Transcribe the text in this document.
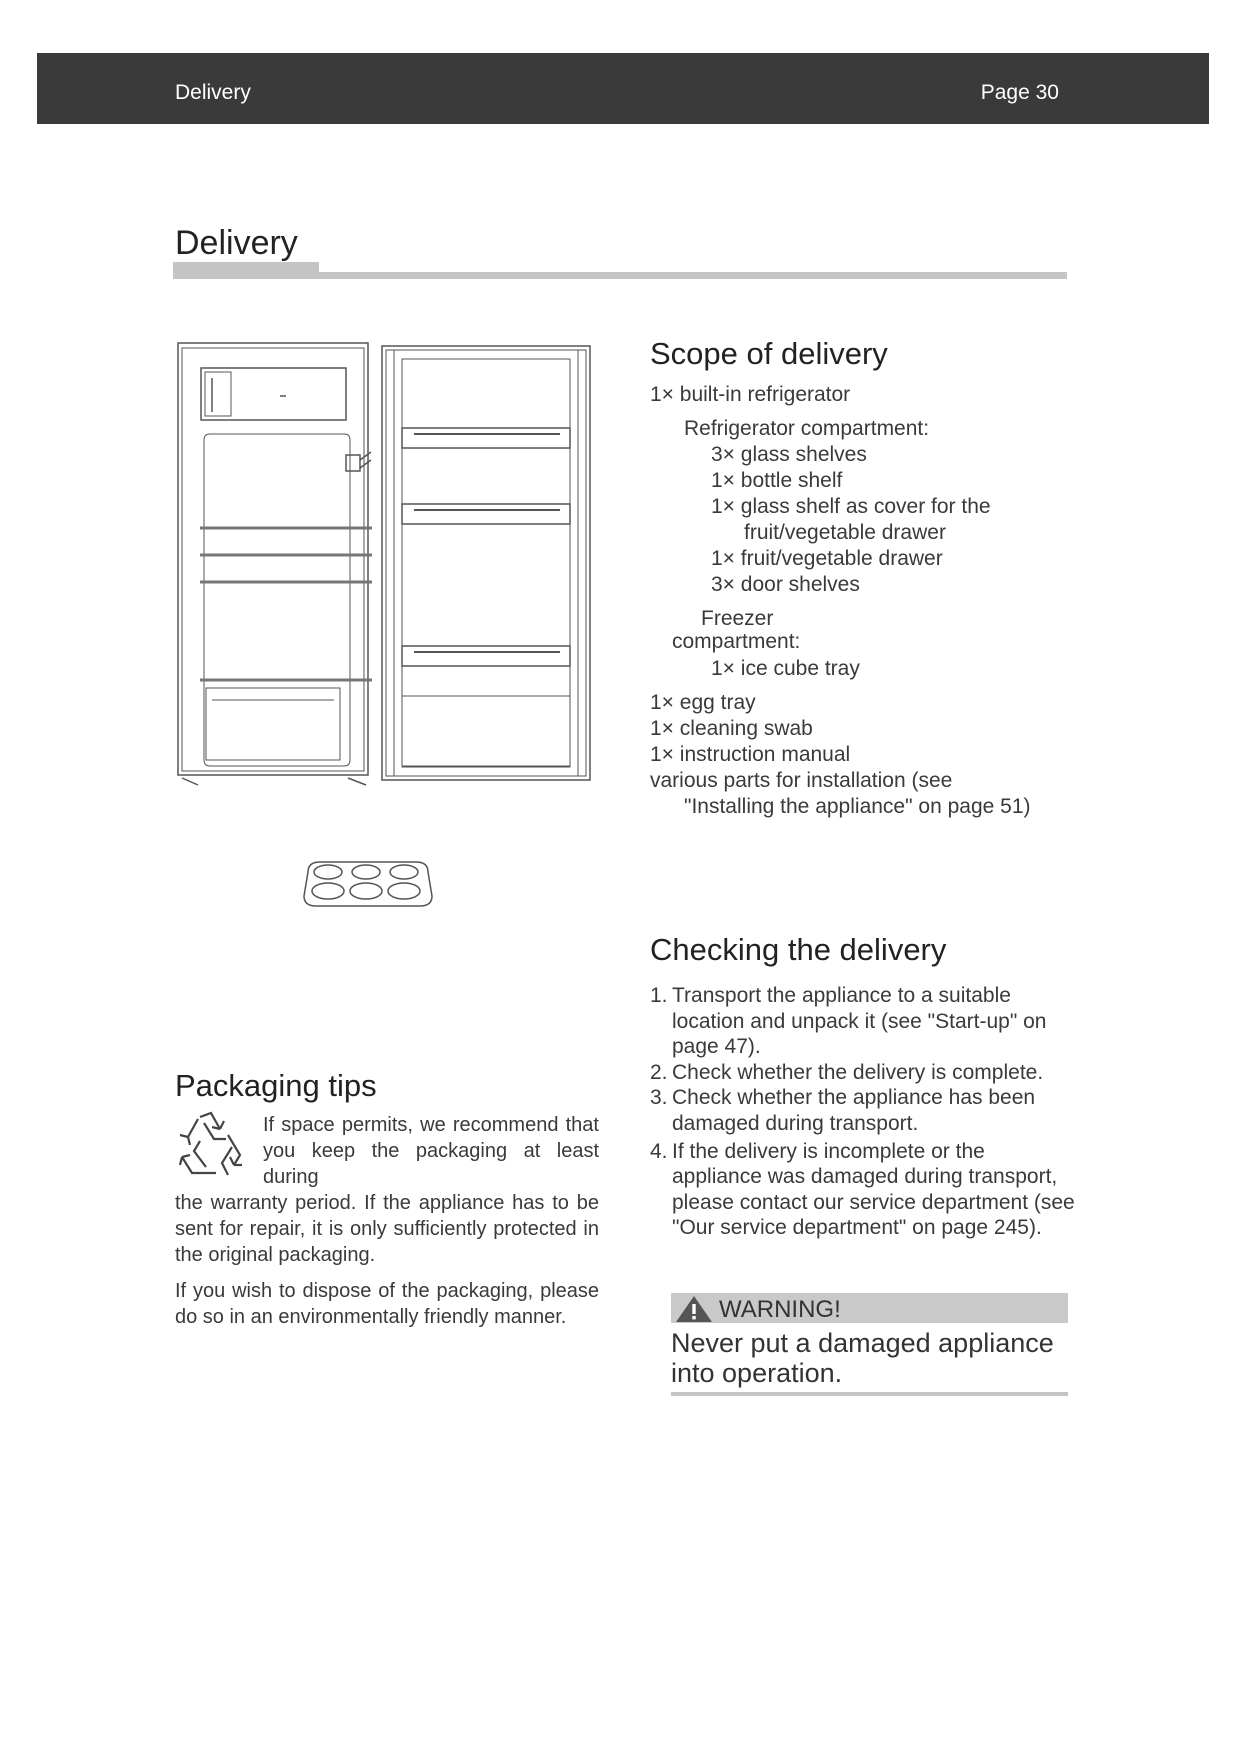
Delivery	Page 30
Delivery
Scope of delivery
1× built-in refrigerator
Refrigerator compartment:
3× glass shelves
1× bottle shelf
1× glass shelf as cover for the
fruit/vegetable drawer
1× fruit/vegetable drawer
3× door shelves
Freezer
compartment:
1× ice cube tray
1× egg tray
1× cleaning swab
1× instruction manual
various parts for installation (see
"Installing the appliance" on page 51)
Checking the delivery
1. Transport the appliance to a suitable location and unpack it (see "Start-up" on page 47).
2. Check whether the delivery is complete.
3. Check whether the appliance has been damaged during transport.
4. If the delivery is incomplete or the appliance was damaged during transport, please contact our service department (see "Our service department" on page 245).
WARNING!
Never put a damaged appliance into operation.
Packaging tips

If space permits, we recommend that you keep the packaging at least during

the warranty period. If the appliance has to be sent for repair, it is only sufficiently protected in the original packaging.

If you wish to dispose of the packaging, please do so in an environmentally friendly manner.
